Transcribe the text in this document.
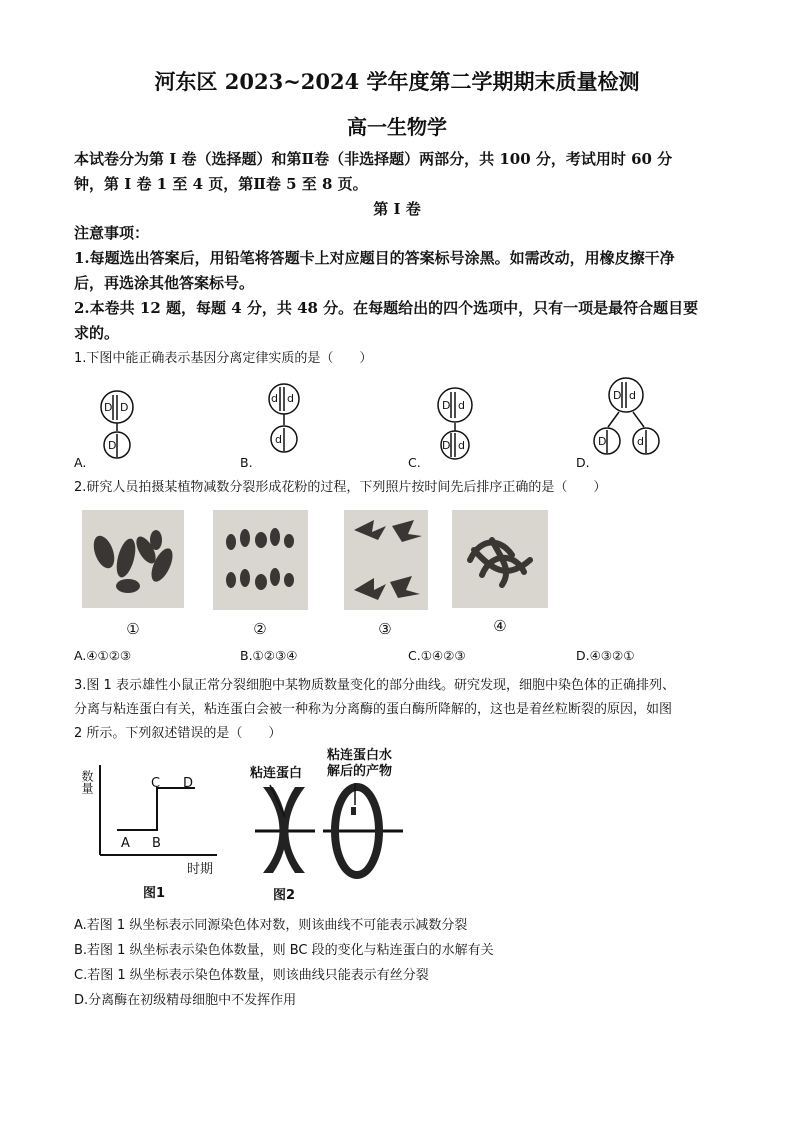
河东区 2023~2024 学年度第二学期期末质量检测
高一生物学
本试卷分为第 I 卷（选择题）和第Ⅱ卷（非选择题）两部分，共 100 分，考试用时 60 分
钟，第 I 卷 1 至 4 页，第Ⅱ卷 5 至 8 页。
第 I 卷
注意事项：
1.每题选出答案后，用铅笔将答题卡上对应题目的答案标号涂黑。如需改动，用橡皮擦干净
后，再选涂其他答案标号。
2.本卷共 12 题，每题 4 分，共 48 分。在每题给出的四个选项中，只有一项是最符合题目要
求的。
1.下图中能正确表示基因分离定律实质的是（　　）
D D
D
d d
d
D d
D d
D d
D	d
A.	B.	C.	D.
2.研究人员拍摄某植物减数分裂形成花粉的过程，下列照片按时间先后排序正确的是（　　）
①	②	③	④
A.④①②③	B.①②③④	C.①④②③	D.④③②①
3.图 1 表示雄性小鼠正常分裂细胞中某物质数量变化的部分曲线。研究发现，细胞中染色体的正确排列、
分离与粘连蛋白有关，粘连蛋白会被一种称为分离酶的蛋白酶所降解的，这也是着丝粒断裂的原因，如图
2 所示。下列叙述错误的是（　　）
数量
时期
A B
C D
图1
粘连蛋白
粘连蛋白水
解后的产物
图2
A.若图 1 纵坐标表示同源染色体对数，则该曲线不可能表示减数分裂
B.若图 1 纵坐标表示染色体数量，则 BC 段的变化与粘连蛋白的水解有关
C.若图 1 纵坐标表示染色体数量，则该曲线只能表示有丝分裂
D.分离酶在初级精母细胞中不发挥作用
